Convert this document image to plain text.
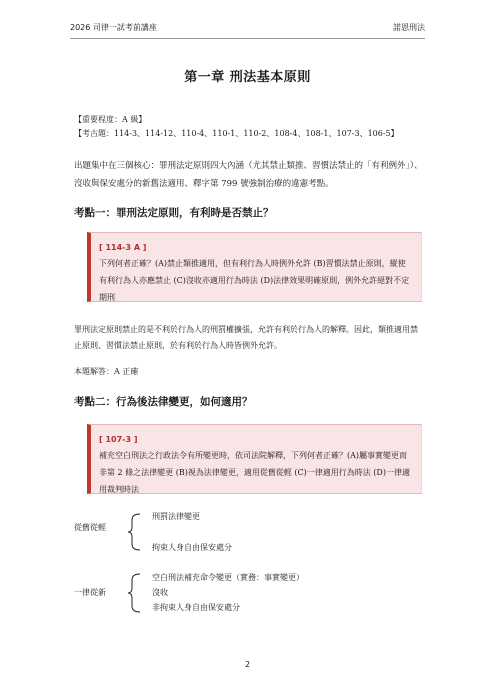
2026 司律一試考前講座	諾恩刑法
第一章 刑法基本原則
【重要程度：A 級】
【考古題：114-3、114-12、110-4、110-1、110-2、108-4、108-1、107-3、106-5】
出題集中在三個核心：罪刑法定原則四大內涵（尤其禁止類推、習慣法禁止的「有利例外」）、沒收與保安處分的新舊法適用、釋字第 799 號強制治療的違憲考點。
考點一：罪刑法定原則，有利時是否禁止？
[ 114-3 A ]
下列何者正確？(A)禁止類推適用，但有利行為人時例外允許 (B)習慣法禁止原則，縱使有利行為人亦應禁止 (C)沒收亦適用行為時法 (D)法律效果明確原則，例外允許絕對不定期刑
罪刑法定原則禁止的是不利於行為人的刑罰權擴張，允許有利於行為人的解釋。因此，類推適用禁止原則、習慣法禁止原則，於有利於行為人時皆例外允許。
本題解答：A 正確
考點二：行為後法律變更，如何適用？
[ 107-3 ]
補充空白刑法之行政法令有所變更時，依司法院解釋，下列何者正確？(A)屬事實變更而非第 2 條之法律變更 (B)視為法律變更，適用從舊從輕 (C)一律適用行為時法 (D)一律適用裁判時法
從舊從輕
刑罰法律變更
拘束人身自由保安處分
一律從新
空白刑法補充命令變更（實務：事實變更）
沒收
非拘束人身自由保安處分
2
